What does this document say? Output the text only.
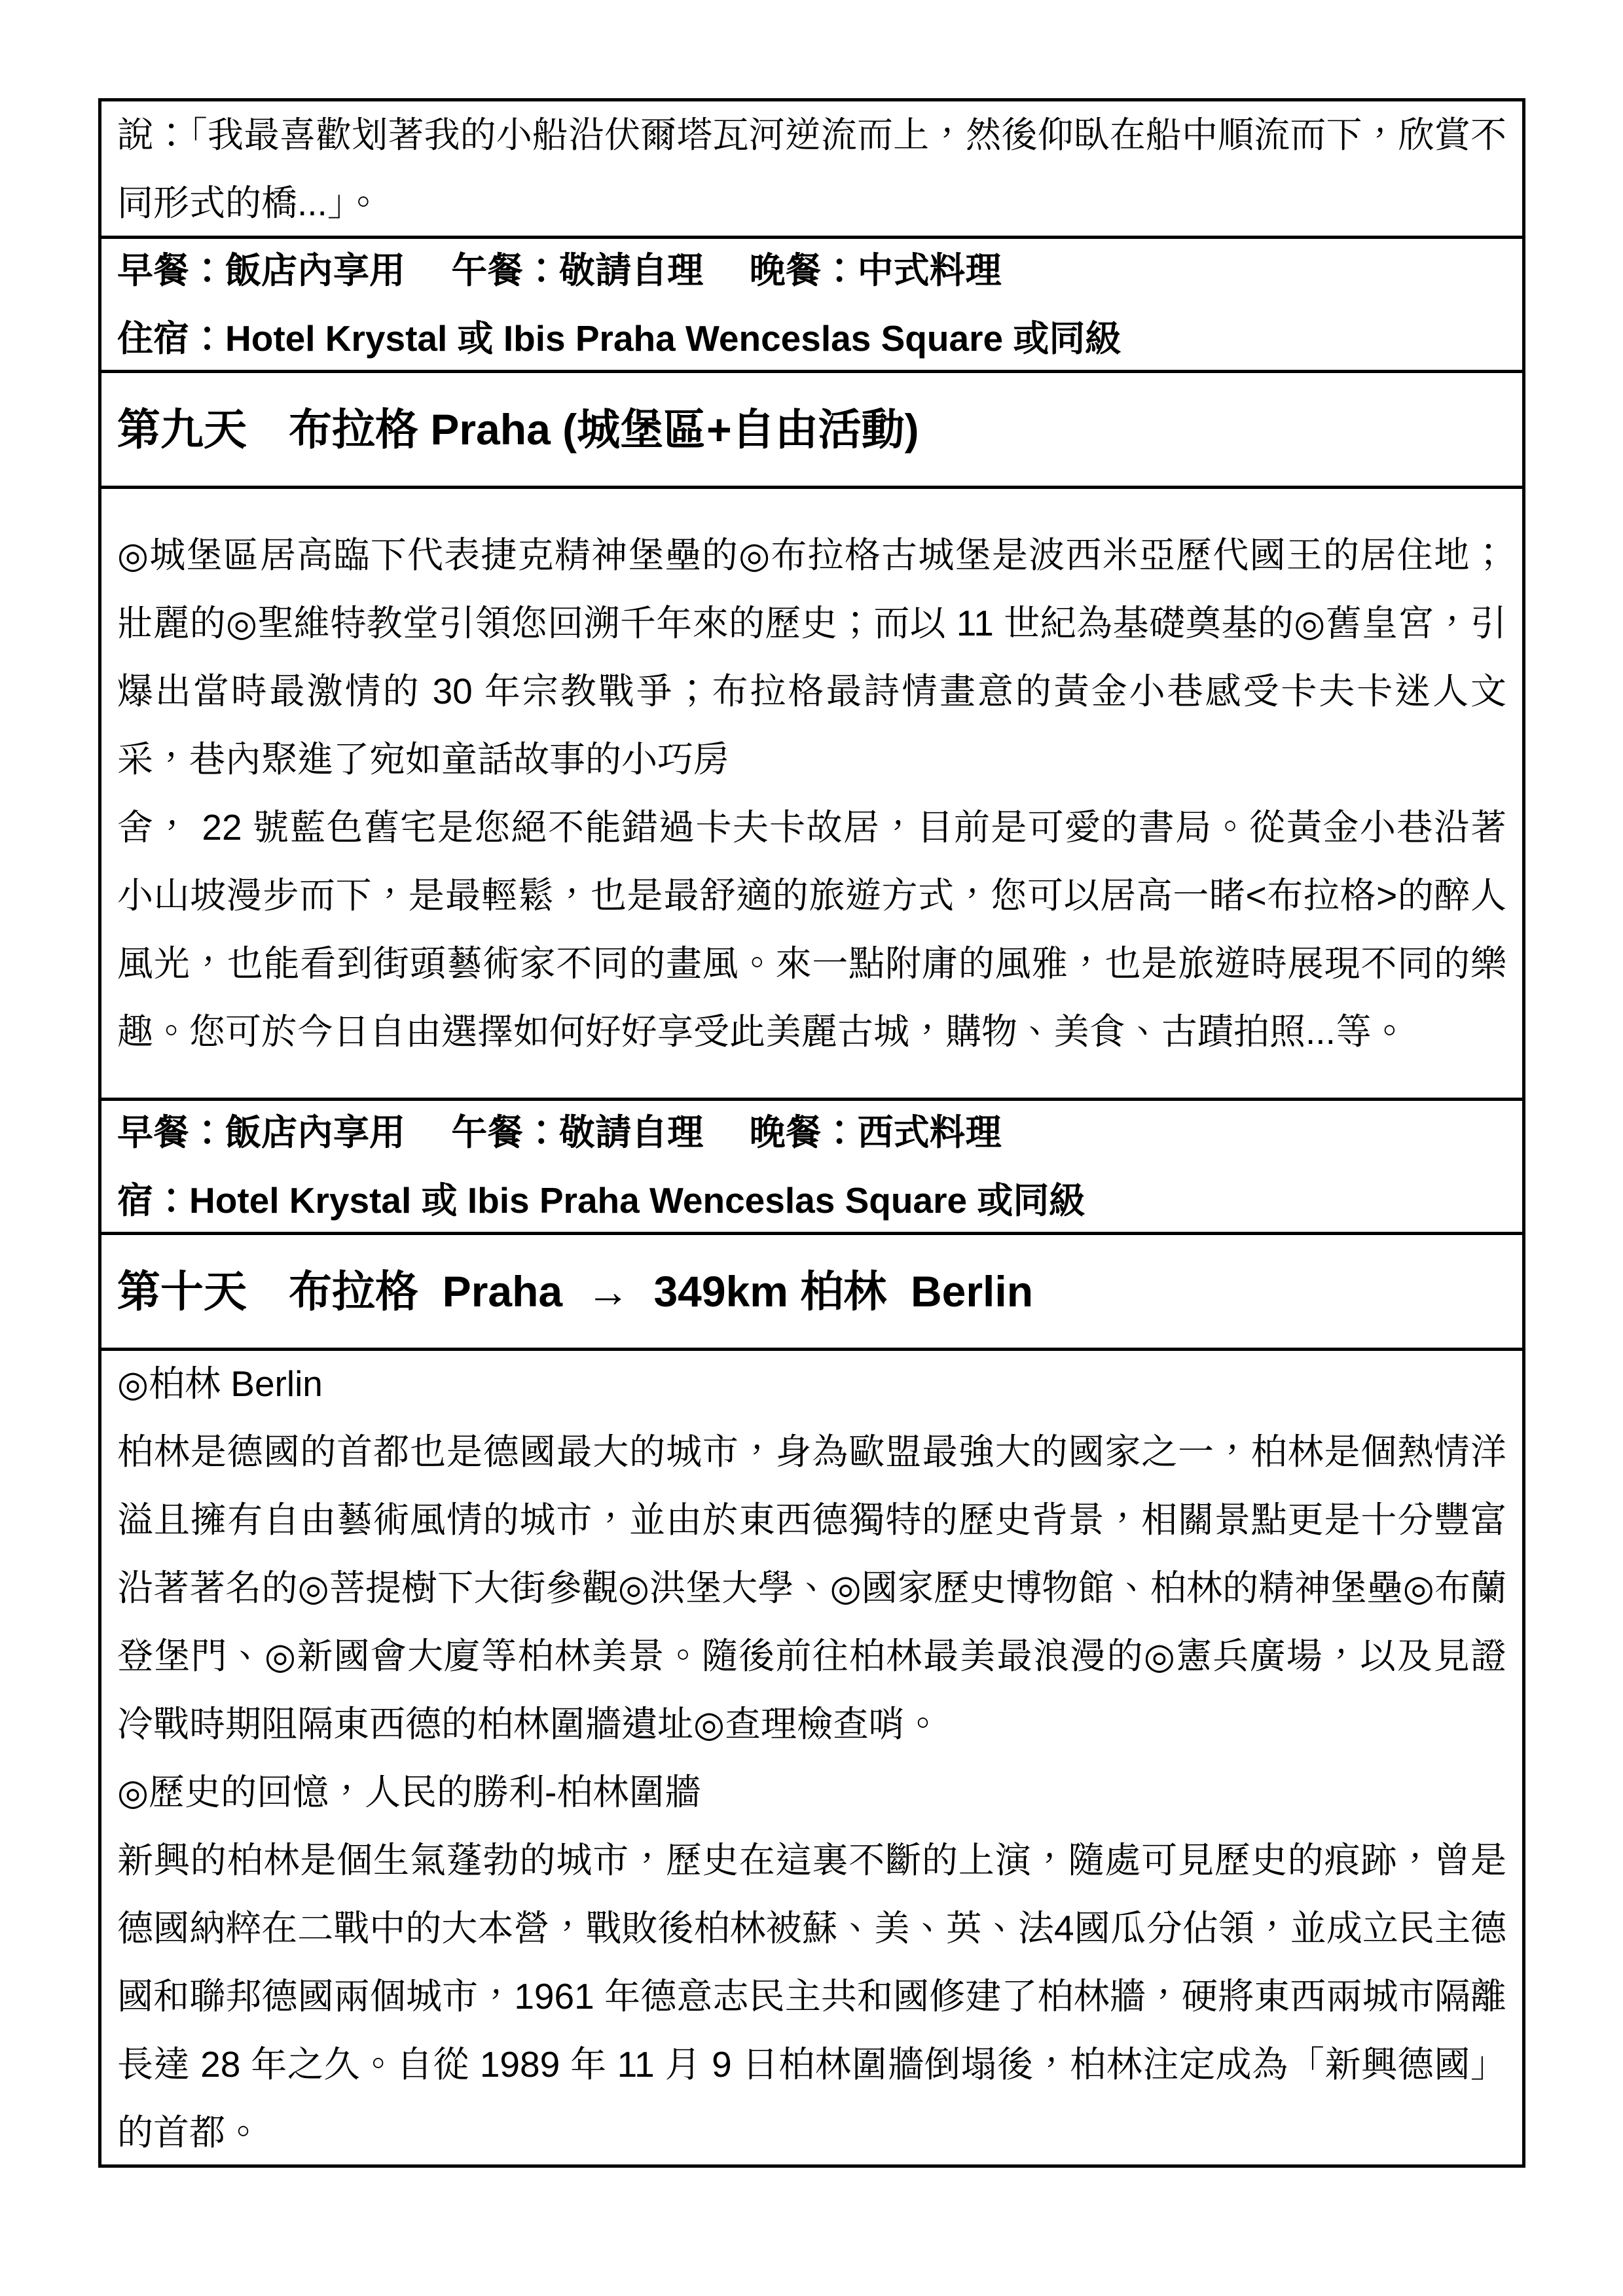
說：「我最喜歡划著我的小船沿伏爾塔瓦河逆流而上，然後仰臥在船中順流而下，欣賞不同形式的橋...」。

早餐：飯店內享用　 午餐：敬請自理　 晚餐：中式料理

住宿：Hotel Krystal 或 Ibis Praha Wenceslas Square 或同級

第九天 布拉格 Praha (城堡區+自由活動)

◎城堡區居高臨下代表捷克精神堡壘的◎布拉格古城堡是波西米亞歷代國王的居住地；壯麗的◎聖維特教堂引領您回溯千年來的歷史；而以 11 世紀為基礎奠基的◎舊皇宮，引爆出當時最激情的 30 年宗教戰爭；布拉格最詩情畫意的黃金小巷感受卡夫卡迷人文采，巷內聚進了宛如童話故事的小巧房

舍， 22 號藍色舊宅是您絕不能錯過卡夫卡故居，目前是可愛的書局。從黃金小巷沿著小山坡漫步而下，是最輕鬆，也是最舒適的旅遊方式，您可以居高一睹<布拉格>的醉人風光，也能看到街頭藝術家不同的畫風。來一點附庸的風雅，也是旅遊時展現不同的樂趣。您可於今日自由選擇如何好好享受此美麗古城，購物、美食、古蹟拍照...等。

早餐：飯店內享用　 午餐：敬請自理　 晚餐：西式料理

宿：Hotel Krystal 或 Ibis Praha Wenceslas Square 或同級

第十天 布拉格  Praha  →  349km 柏林  Berlin

◎柏林 Berlin

柏林是德國的首都也是德國最大的城市，身為歐盟最強大的國家之一，柏林是個熱情洋溢且擁有自由藝術風情的城市，並由於東西德獨特的歷史背景，相關景點更是十分豐富沿著著名的◎菩提樹下大街參觀◎洪堡大學、◎國家歷史博物館、柏林的精神堡壘◎布蘭登堡門、◎新國會大廈等柏林美景。隨後前往柏林最美最浪漫的◎憲兵廣場，以及見證冷戰時期阻隔東西德的柏林圍牆遺址◎查理檢查哨。

◎歷史的回憶，人民的勝利-柏林圍牆

新興的柏林是個生氣蓬勃的城市，歷史在這裏不斷的上演，隨處可見歷史的痕跡，曾是德國納粹在二戰中的大本營，戰敗後柏林被蘇、美、英、法4國瓜分佔領，並成立民主德國和聯邦德國兩個城市，1961 年德意志民主共和國修建了柏林牆，硬將東西兩城市隔離長達 28 年之久。自從 1989 年 11 月 9 日柏林圍牆倒塌後，柏林注定成為「新興德國」的首都。
